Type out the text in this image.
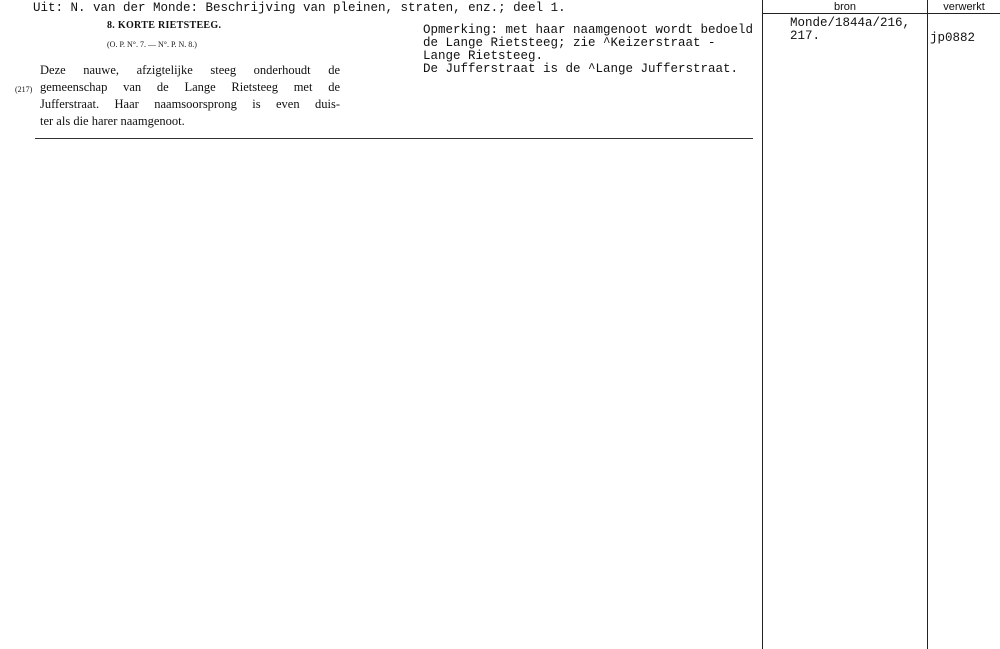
Uit: N. van der Monde: Beschrijving van pleinen, straten, enz.; deel 1.
8. KORTE RIETSTEEG.
(O. P. N°. 7. — N°. P. N. 8.)
(217)
Deze nauwe, afzigtelijke steeg onderhoudt de
gemeenschap van de Lange Rietsteeg met de
Jufferstraat. Haar naamsoorsprong is even duis-
ter als die harer naamgenoot.
Opmerking: met haar naamgenoot wordt bedoeld
de Lange Rietsteeg; zie ^Keizerstraat -
Lange Rietsteeg.
De Jufferstraat is de ^Lange Jufferstraat.
bron	verwerkt
Monde/1844a/216,
217.	jp0882
